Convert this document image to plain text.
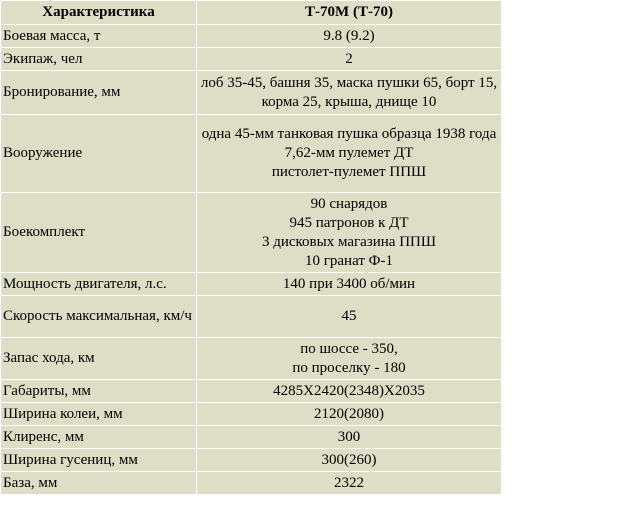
Характеристика	Т-70М (Т-70)
Боевая масса, т	9.8 (9.2)

Экипаж, чел	2

Бронирование, мм	лоб 35-45, башня 35, маска пушки 65, борт 15, корма 25, крыша, днище 10

Вооружение	одна 45-мм танковая пушка образца 1938 года
7,62-мм пулемет ДТ
пистолет-пулемет ППШ

Боекомплект	90 снарядов
945 патронов к ДТ
3 дисковых магазина ППШ
10 гранат Ф-1

Мощность двигателя, л.с.	140 при 3400 об/мин

Скорость максимальная, км/ч	45

Запас хода, км	по шоссе - 350,
по проселку - 180

Габариты, мм	4285Х2420(2348)Х2035

Ширина колеи, мм	2120(2080)

Клиренс, мм	300

Ширина гусениц, мм	300(260)

База, мм	2322
